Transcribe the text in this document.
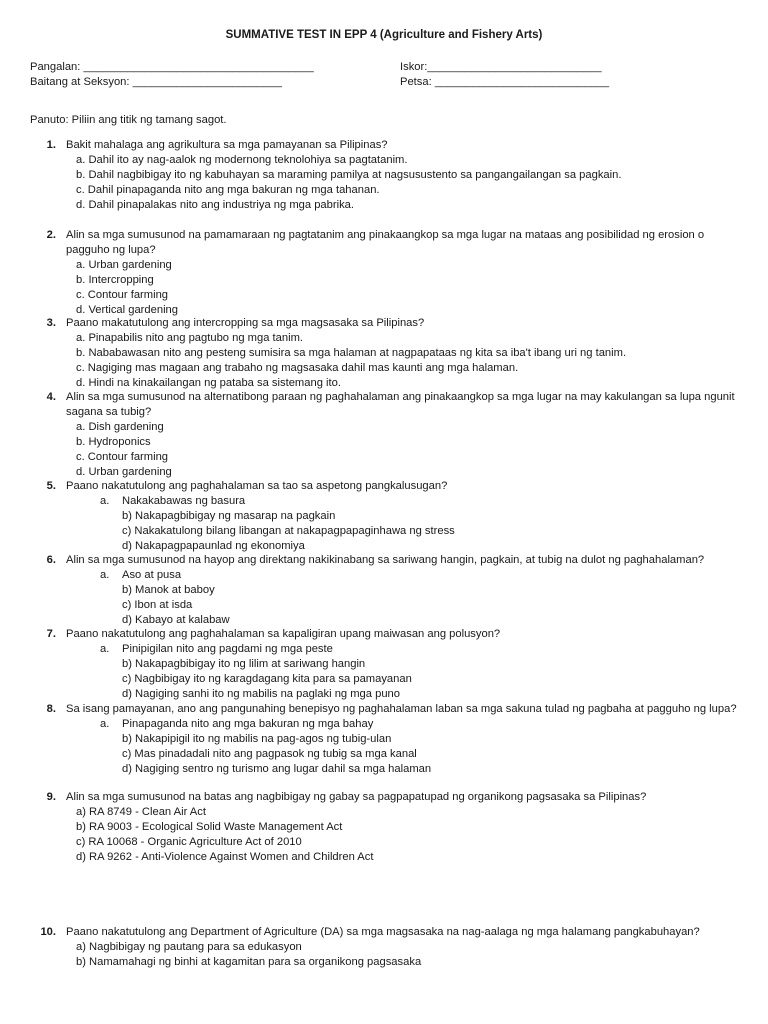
SUMMATIVE TEST IN EPP 4 (Agriculture and Fishery Arts)
Pangalan: _____________________________________
Baitang at Seksyon: ________________________
Iskor:____________________________
Petsa: ____________________________
Panuto: Piliin ang titik ng tamang sagot.
1. Bakit mahalaga ang agrikultura sa mga pamayanan sa Pilipinas?
a. Dahil ito ay nag-aalok ng modernong teknolohiya sa pagtatanim.
b. Dahil nagbibigay ito ng kabuhayan sa maraming pamilya at nagsusustento sa pangangailangan sa pagkain.
c. Dahil pinapaganda nito ang mga bakuran ng mga tahanan.
d. Dahil pinapalakas nito ang industriya ng mga pabrika.
2. Alin sa mga sumusunod na pamamaraan ng pagtatanim ang pinakaangkop sa mga lugar na mataas ang posibilidad ng erosion o pagguho ng lupa?
a. Urban gardening
b. Intercropping
c. Contour farming
d. Vertical gardening
3. Paano makatutulong ang intercropping sa mga magsasaka sa Pilipinas?
a. Pinapabilis nito ang pagtubo ng mga tanim.
b. Nababawasan nito ang pesteng sumisira sa mga halaman at nagpapataas ng kita sa iba't ibang uri ng tanim.
c. Nagiging mas magaan ang trabaho ng magsasaka dahil mas kaunti ang mga halaman.
d. Hindi na kinakailangan ng pataba sa sistemang ito.
4. Alin sa mga sumusunod na alternatibong paraan ng paghahalaman ang pinakaangkop sa mga lugar na may kakulangan sa lupa ngunit sagana sa tubig?
a. Dish gardening
b. Hydroponics
c. Contour farming
d. Urban gardening
5. Paano nakatutulong ang paghahalaman sa tao sa aspetong pangkalusugan?
a.	Nakakabawas ng basura
b) Nakapagbibigay ng masarap na pagkain
c) Nakakatulong bilang libangan at nakapagpapaginhawa ng stress
d) Nakapagpapaunlad ng ekonomiya
6. Alin sa mga sumusunod na hayop ang direktang nakikinabang sa sariwang hangin, pagkain, at tubig na dulot ng paghahalaman?
a.	Aso at pusa
b) Manok at baboy
c) Ibon at isda
d) Kabayo at kalabaw
7. Paano nakatutulong ang paghahalaman sa kapaligiran upang maiwasan ang polusyon?
a.	Pinipigilan nito ang pagdami ng mga peste
b) Nakapagbibigay ito ng lilim at sariwang hangin
c) Nagbibigay ito ng karagdagang kita para sa pamayanan
d) Nagiging sanhi ito ng mabilis na paglaki ng mga puno
8. Sa isang pamayanan, ano ang pangunahing benepisyo ng paghahalaman laban sa mga sakuna tulad ng pagbaha at pagguho ng lupa?
a.	Pinapaganda nito ang mga bakuran ng mga bahay
b) Nakapipigil ito ng mabilis na pag-agos ng tubig-ulan
c) Mas pinadadali nito ang pagpasok ng tubig sa mga kanal
d) Nagiging sentro ng turismo ang lugar dahil sa mga halaman
9. Alin sa mga sumusunod na batas ang nagbibigay ng gabay sa pagpapatupad ng organikong pagsasaka sa Pilipinas?
a) RA 8749 - Clean Air Act
b) RA 9003 - Ecological Solid Waste Management Act
c) RA 10068 - Organic Agriculture Act of 2010
d) RA 9262 - Anti-Violence Against Women and Children Act
10. Paano nakatutulong ang Department of Agriculture (DA) sa mga magsasaka na nag-aalaga ng mga halamang pangkabuhayan?
a) Nagbibigay ng pautang para sa edukasyon
b) Namamahagi ng binhi at kagamitan para sa organikong pagsasaka
